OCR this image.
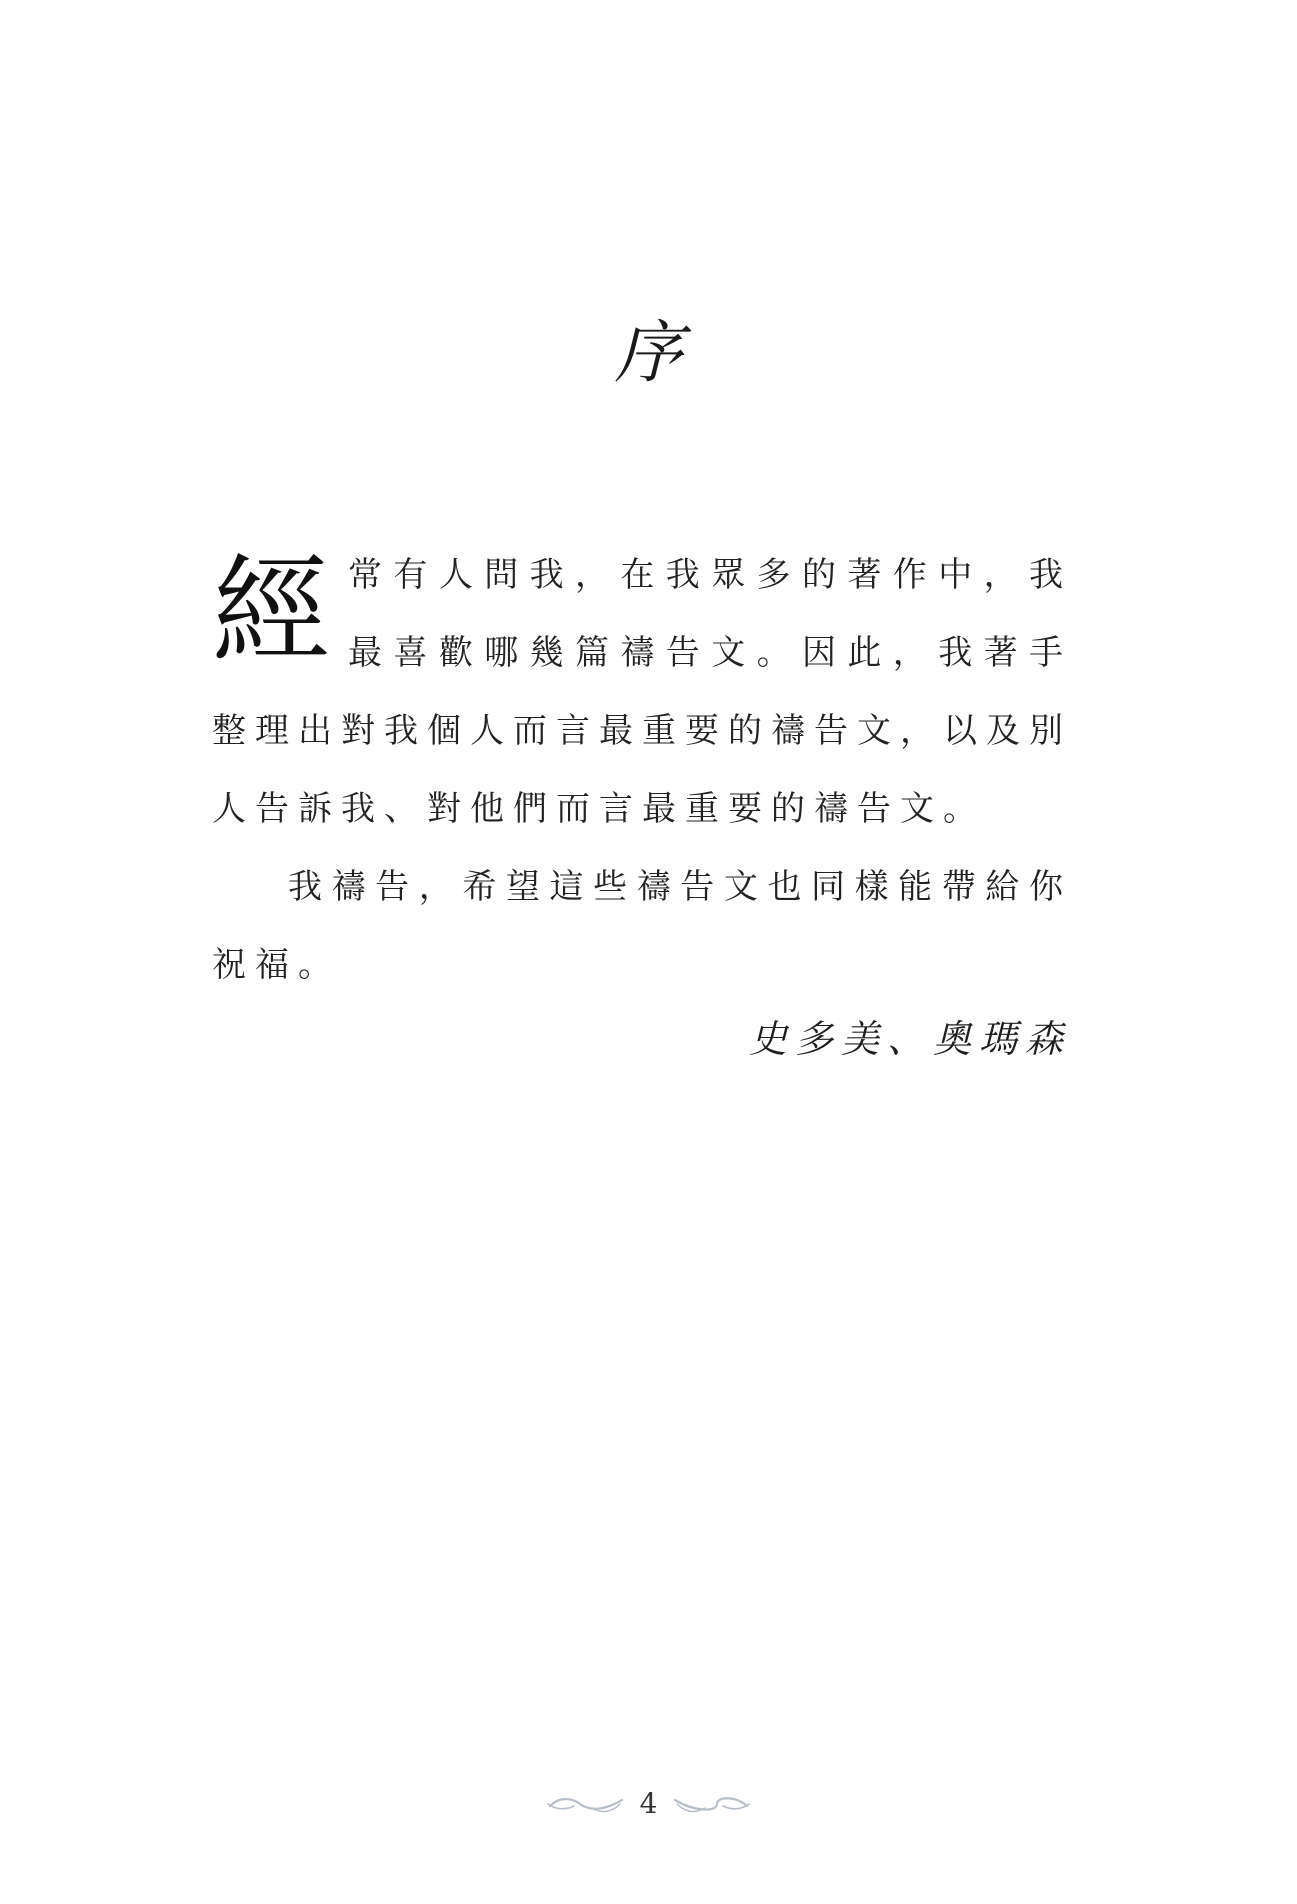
序

經常有人問我，在我眾多的著作中，我最喜歡哪幾篇禱告文。因此，我著手整理出對我個人而言最重要的禱告文，以及別人告訴我、對他們而言最重要的禱告文。

我禱告，希望這些禱告文也同樣能帶給你祝福。

史多美、奧瑪森
4
